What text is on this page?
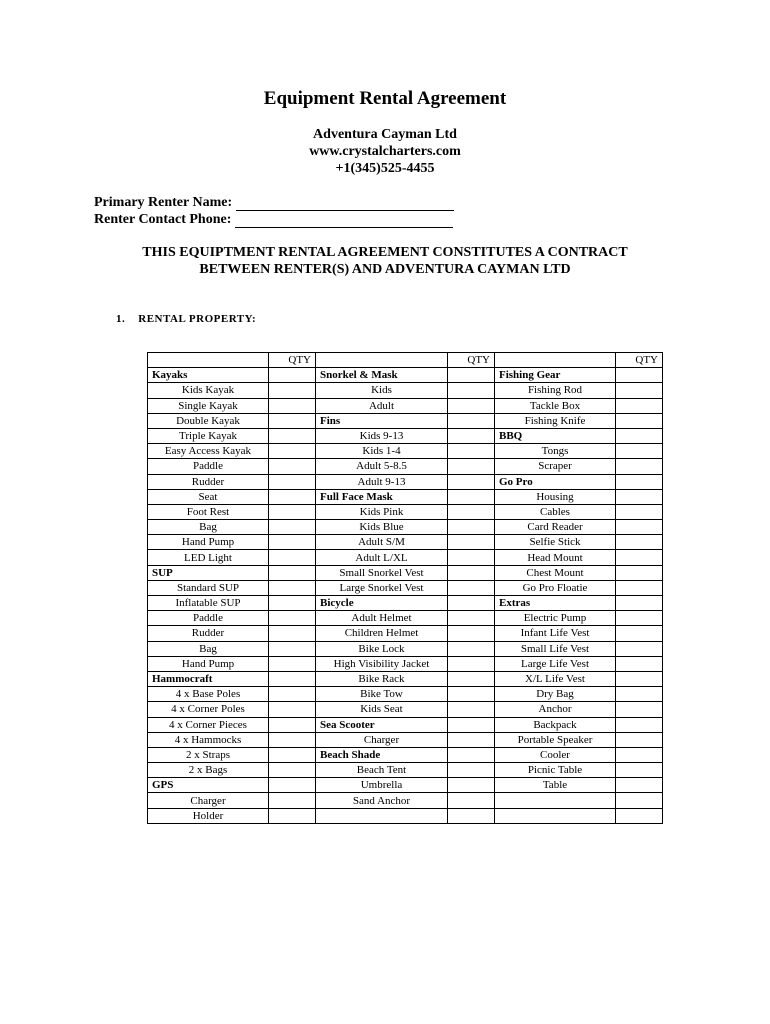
Equipment Rental Agreement
Adventura Cayman Ltd
www.crystalcharters.com
+1(345)525-4455
Primary Renter Name:
Renter Contact Phone:
THIS EQUIPTMENT RENTAL AGREEMENT CONSTITUTES A CONTRACT
BETWEEN RENTER(S) AND ADVENTURA CAYMAN LTD
1. RENTAL PROPERTY:
	QTY		QTY		QTY
Kayaks		Snorkel & Mask		Fishing Gear	
Kids Kayak		Kids		Fishing Rod	
Single Kayak		Adult		Tackle Box	
Double Kayak		Fins		Fishing Knife	
Triple Kayak		Kids 9-13		BBQ	
Easy Access Kayak		Kids 1-4		Tongs	
Paddle		Adult 5-8.5		Scraper	
Rudder		Adult 9-13		Go Pro	
Seat		Full Face Mask		Housing	
Foot Rest		Kids Pink		Cables	
Bag		Kids Blue		Card Reader	
Hand Pump		Adult S/M		Selfie Stick	
LED Light		Adult L/XL		Head Mount	
SUP		Small Snorkel Vest		Chest Mount	
Standard SUP		Large Snorkel Vest		Go Pro Floatie	
Inflatable SUP		Bicycle		Extras	
Paddle		Adult Helmet		Electric Pump	
Rudder		Children Helmet		Infant Life Vest	
Bag		Bike Lock		Small Life Vest	
Hand Pump		High Visibility Jacket		Large Life Vest	
Hammocraft		Bike Rack		X/L Life Vest	
4 x Base Poles		Bike Tow		Dry Bag	
4 x Corner Poles		Kids Seat		Anchor	
4 x Corner Pieces		Sea Scooter		Backpack	
4 x Hammocks		Charger		Portable Speaker	
2 x Straps		Beach Shade		Cooler	
2 x Bags		Beach Tent		Picnic Table	
GPS		Umbrella		Table	
Charger		Sand Anchor			
Holder					
